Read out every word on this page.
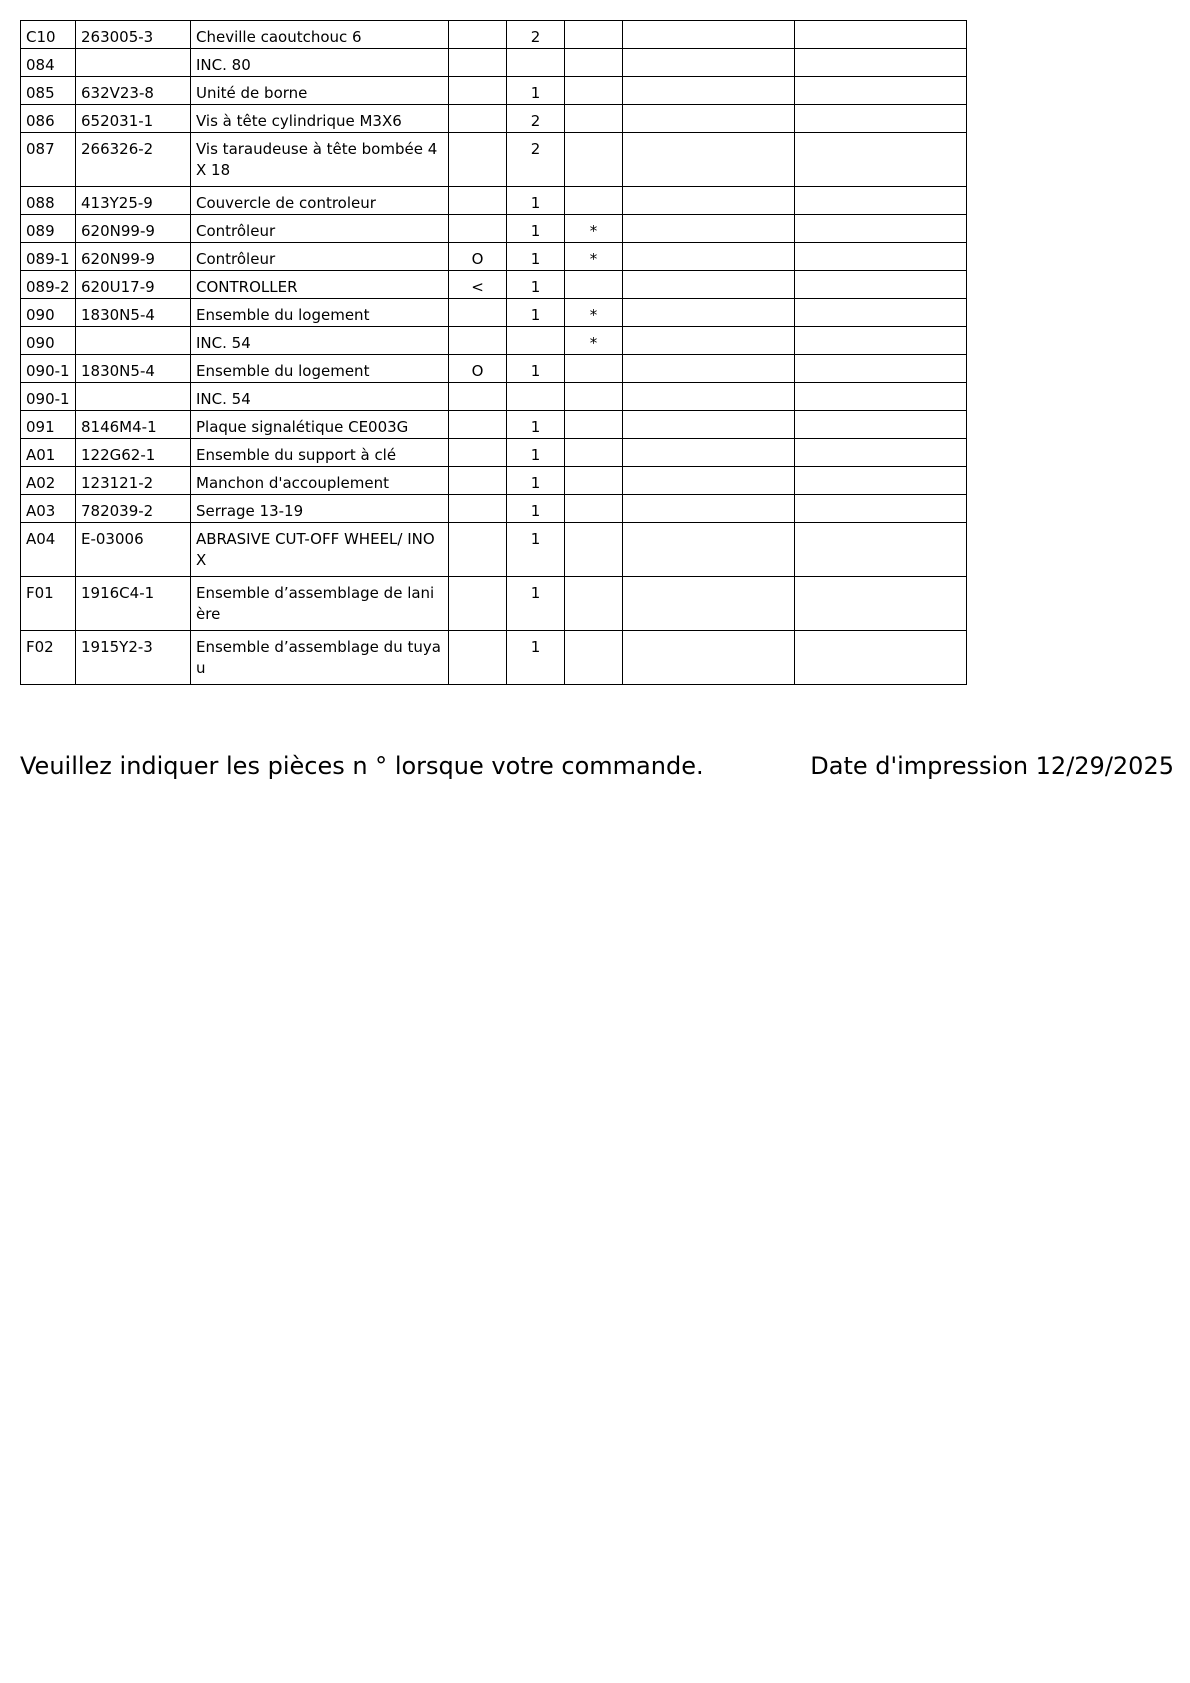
C10	263005-3	Cheville caoutchouc 6		2			
084		INC. 80					
085	632V23-8	Unité de borne		1			
086	652031-1	Vis à tête cylindrique M3X6		2			
087	266326-2	Vis taraudeuse à tête bombée 4X 18		2			
088	413Y25-9	Couvercle de controleur		1			
089	620N99-9	Contrôleur		1	*		
089-1	620N99-9	Contrôleur	O	1	*		
089-2	620U17-9	CONTROLLER	<	1			
090	1830N5-4	Ensemble du logement		1	*		
090		INC. 54			*		
090-1	1830N5-4	Ensemble du logement	O	1			
090-1		INC. 54					
091	8146M4-1	Plaque signalétique CE003G		1			
A01	122G62-1	Ensemble du support à clé		1			
A02	123121-2	Manchon d'accouplement		1			
A03	782039-2	Serrage 13-19		1			
A04	E-03006	ABRASIVE CUT-OFF WHEEL/ INOX		1			
F01	1916C4-1	Ensemble d’assemblage de lanière		1			
F02	1915Y2-3	Ensemble d’assemblage du tuyau		1			
Veuillez indiquer les pièces n ° lorsque votre commande.	Date d'impression 12/29/2025
